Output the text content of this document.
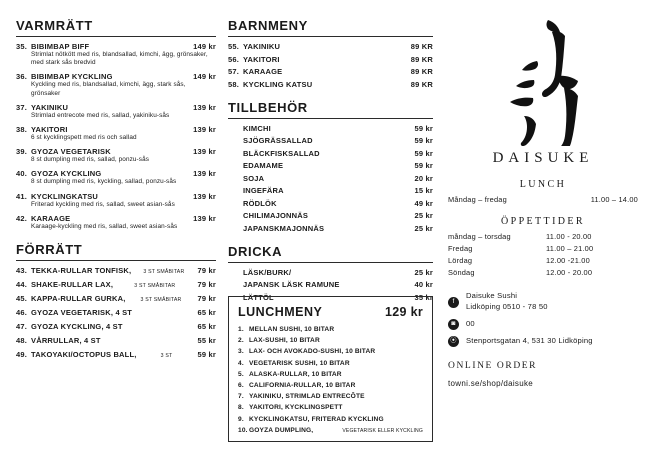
VARMRÄTT
35. BIBIMBAP BIFF	149 kr
Strimlat nötkött med ris, blandsallad, kimchi, ägg, grönsaker, med stark sås bredvid
36. BIBIMBAP KYCKLING	149 kr
Kyckling med ris, blandsallad, kimchi, ägg, stark sås, grönsaker
37. YAKINIKU	139 kr
Strimlad entrecote med ris, sallad, yakiniku-sås
38. YAKITORI	139 kr
6 st kycklingspett med ris och sallad
39. GYOZA VEGETARISK	139 kr
8 st dumpling med ris, sallad, ponzu-sås
40. GYOZA KYCKLING	139 kr
8 st dumpling med ris, kyckling, sallad, ponzu-sås
41. KYCKLINGKATSU	139 kr
Friterad kyckling med ris, sallad, sweet asian-sås
42. KARAAGE	139 kr
Karaage-kyckling med ris, sallad, sweet asian-sås
FÖRRÄTT
43. TEKKA-RULLAR TONFISK,	3 ST SMÅBITAR	79 kr
44. SHAKE-RULLAR LAX,	3 ST SMÅBITAR	79 kr
45. KAPPA-RULLAR GURKA,	3 ST SMÅBITAR	79 kr
46. GYOZA VEGETARISK, 4 ST	65 kr
47. GYOZA KYCKLING, 4 ST	65 kr
48. VÅRRULLAR, 4 ST	55 kr
49. TAKOYAKI/OCTOPUS BALL,	3 ST	59 kr
BARNMENY
55. YAKINIKU	89 KR
56. YAKITORI	89 KR
57. KARAAGE	89 KR
58. KYCKLING KATSU	89 KR
TILLBEHÖR
KIMCHI	59 kr
SJÖGRÄSSALLAD	59 kr
BLÄCKFISKSALLAD	59 kr
EDAMAME	59 kr
SOJA	20 kr
INGEFÄRA	15 kr
RÖDLÖK	49 kr
CHILIMAJONNÄS	25 kr
JAPANSKMAJONNÄS	25 kr
DRICKA
LÄSK/BURK/	25 kr
JAPANSK LÄSK RAMUNE	40 kr
LÄTTÖL	35 kr
LUNCHMENY	129 kr
1. MELLAN SUSHI, 10 BITAR
2. LAX-SUSHI, 10 BITAR
3. LAX- OCH AVOKADO-SUSHI, 10 BITAR
4. VEGETARISK SUSHI, 10 BITAR
5. ALASKA-RULLAR, 10 BITAR
6. CALIFORNIA-RULLAR, 10 BITAR
7. YAKINIKU, STRIMLAD ENTRECÔTE
8. YAKITORI, KYCKLINGSPETT
9. KYCKLINGKATSU, FRITERAD KYCKLING
10. GOYZA DUMPLING,	VEGETARISK ELLER KYCKLING
DAISUKE
LUNCH
Måndag – fredag	11.00 – 14.00
ÖPPETTIDER
måndag – torsdag	11.00 - 20.00
Fredag	11.00 – 21.00
Lördag	12.00 -21.00
Söndag	12.00 - 20.00
f
Daisuke Sushi
Lidköping 0510 - 78 50
◙	00
⦿ Stenportsgatan 4, 531 30 Lidköping
ONLINE ORDER
towni.se/shop/daisuke
